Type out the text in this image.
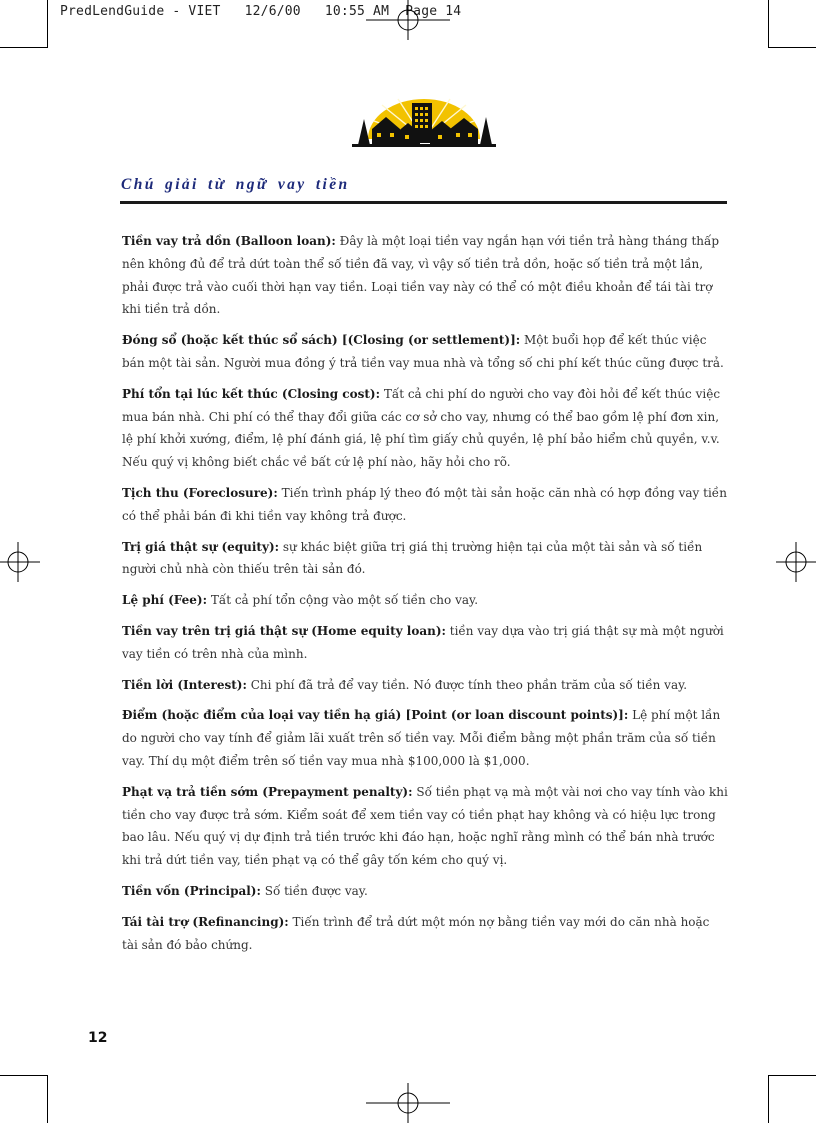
PredLendGuide - VIET   12/6/00   10:55 AM  Page 14
Chú giải từ ngữ vay tiền

Tiền vay trả dồn (Balloon loan): Đây là một loại tiền vay ngắn hạn với tiền trả hàng tháng thấp nên không đủ để trả dứt toàn thể số tiền đã vay, vì vậy số tiền trả dồn, hoặc số tiền trả một lần, phải được trả vào cuối thời hạn vay tiền. Loại tiền vay này có thể có một điều khoản để tái tài trợ khi tiền trả dồn.

Đóng sổ (hoặc kết thúc sổ sách) [(Closing (or settlement)]: Một buổi họp để kết thúc việc bán một tài sản. Người mua đồng ý trả tiền vay mua nhà và tổng số chi phí kết thúc cũng được trả.

Phí tổn tại lúc kết thúc (Closing cost): Tất cả chi phí do người cho vay đòi hỏi để kết thúc việc mua bán nhà. Chi phí có thể thay đổi giữa các cơ sở cho vay, nhưng có thể bao gồm lệ phí đơn xin, lệ phí khởi xướng, điểm, lệ phí đánh giá, lệ phí tìm giấy chủ quyền, lệ phí bảo hiểm chủ quyền, v.v. Nếu quý vị không biết chắc về bất cứ lệ phí nào, hãy hỏi cho rõ.

Tịch thu (Foreclosure): Tiến trình pháp lý theo đó một tài sản hoặc căn nhà có hợp đồng vay tiền có thể phải bán đi khi tiền vay không trả được.

Trị giá thật sự (equity): sự khác biệt giữa trị giá thị trường hiện tại của một tài sản và số tiền người chủ nhà còn thiếu trên tài sản đó.

Lệ phí (Fee): Tất cả phí tổn cộng vào một số tiền cho vay.

Tiền vay trên trị giá thật sự (Home equity loan): tiền vay dựa vào trị giá thật sự mà một người vay tiền có trên nhà của mình.

Tiền lời (Interest): Chi phí đã trả để vay tiền. Nó được tính theo phần trăm của số tiền vay.

Điểm (hoặc điểm của loại vay tiền hạ giá) [Point (or loan discount points)]: Lệ phí một lần do người cho vay tính để giảm lãi xuất trên số tiền vay. Mỗi điểm bằng một phần trăm của số tiền vay. Thí dụ một điểm trên số tiền vay mua nhà $100,000 là $1,000.

Phạt vạ trả tiền sớm (Prepayment penalty): Số tiền phạt vạ mà một vài nơi cho vay tính vào khi tiền cho vay được trả sớm. Kiểm soát để xem tiền vay có tiền phạt hay không và có hiệu lực trong bao lâu. Nếu quý vị dự định trả tiền trước khi đáo hạn, hoặc nghĩ rằng mình có thể bán nhà trước khi trả dứt tiền vay, tiền phạt vạ có thể gây tốn kém cho quý vị.

Tiền vốn (Principal): Số tiền được vay.

Tái tài trợ (Refinancing): Tiến trình để trả dứt một món nợ bằng tiền vay mới do căn nhà hoặc tài sản đó bảo chứng.

12
